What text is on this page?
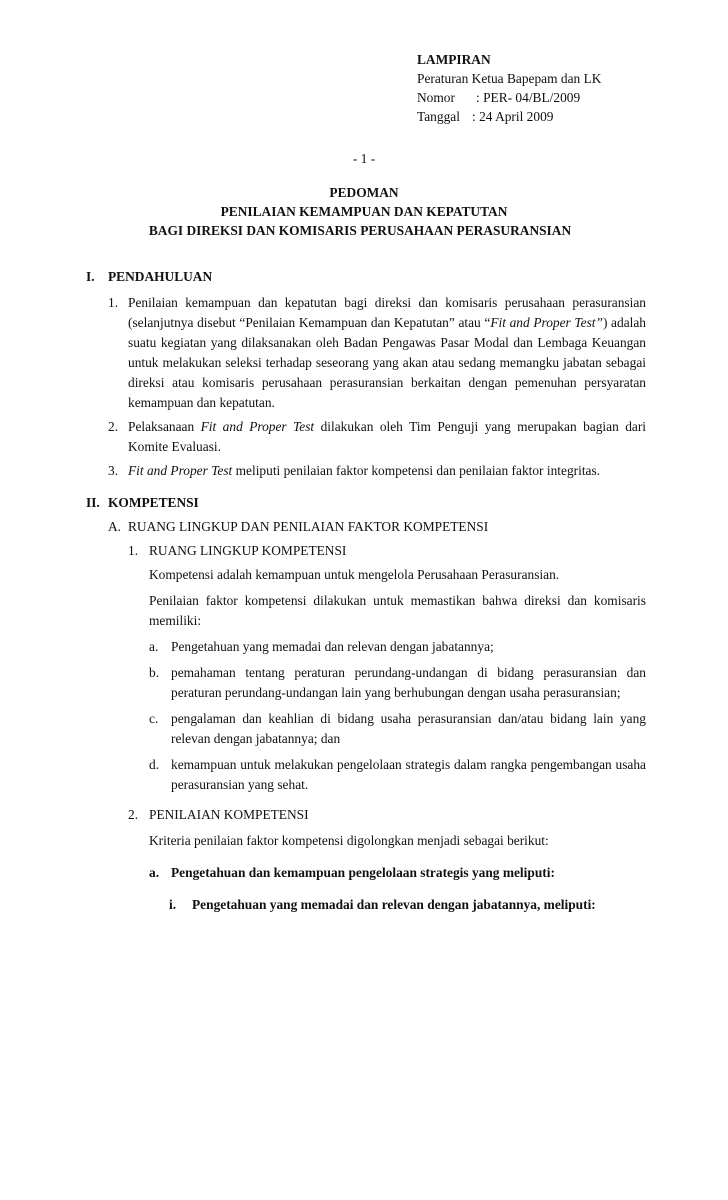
LAMPIRAN
Peraturan Ketua Bapepam dan LK
Nomor : PER- 04/BL/2009
Tanggal : 24 April 2009
- 1 -
PEDOMAN
PENILAIAN KEMAMPUAN DAN KEPATUTAN
BAGI DIREKSI DAN KOMISARIS PERUSAHAAN PERASURANSIAN
I. PENDAHULUAN
1. Penilaian kemampuan dan kepatutan bagi direksi dan komisaris perusahaan perasuransian (selanjutnya disebut “Penilaian Kemampuan dan Kepatutan” atau “Fit and Proper Test”) adalah suatu kegiatan yang dilaksanakan oleh Badan Pengawas Pasar Modal dan Lembaga Keuangan untuk melakukan seleksi terhadap seseorang yang akan atau sedang memangku jabatan sebagai direksi atau komisaris perusahaan perasuransian berkaitan dengan pemenuhan persyaratan kemampuan dan kepatutan.
2. Pelaksanaan Fit and Proper Test dilakukan oleh Tim Penguji yang merupakan bagian dari Komite Evaluasi.
3. Fit and Proper Test meliputi penilaian faktor kompetensi dan penilaian faktor integritas.
II. KOMPETENSI
A. RUANG LINGKUP DAN PENILAIAN FAKTOR KOMPETENSI
1. RUANG LINGKUP KOMPETENSI
Kompetensi adalah kemampuan untuk mengelola Perusahaan Perasuransian.
Penilaian faktor kompetensi dilakukan untuk memastikan bahwa direksi dan komisaris memiliki:
a. Pengetahuan yang memadai dan relevan dengan jabatannya;
b. pemahaman tentang peraturan perundang-undangan di bidang perasuransian dan peraturan perundang-undangan lain yang berhubungan dengan usaha perasuransian;
c. pengalaman dan keahlian di bidang usaha perasuransian dan/atau bidang lain yang relevan dengan jabatannya; dan
d. kemampuan untuk melakukan pengelolaan strategis dalam rangka pengembangan usaha perasuransian yang sehat.
2. PENILAIAN KOMPETENSI
Kriteria penilaian faktor kompetensi digolongkan menjadi sebagai berikut:
a. Pengetahuan dan kemampuan pengelolaan strategis yang meliputi:
i. Pengetahuan yang memadai dan relevan dengan jabatannya, meliputi:
